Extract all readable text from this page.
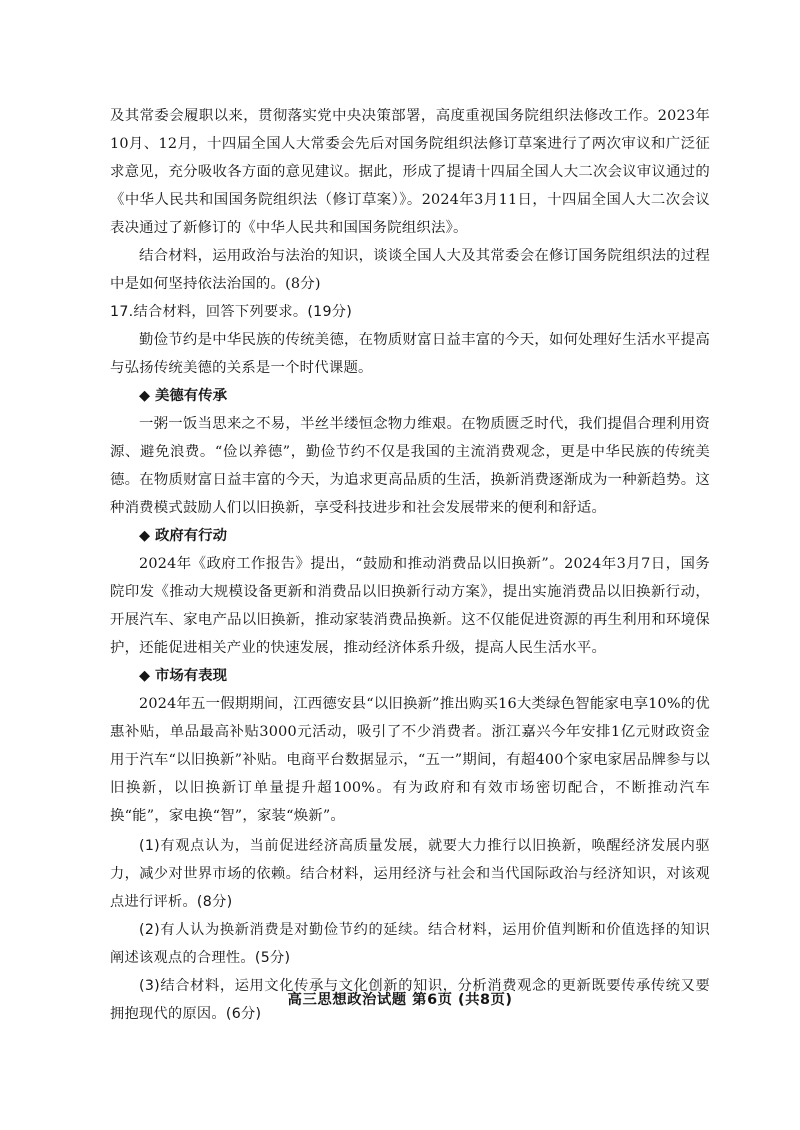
及其常委会履职以来，贯彻落实党中央决策部署，高度重视国务院组织法修改工作。2023年10月、12月，十四届全国人大常委会先后对国务院组织法修订草案进行了两次审议和广泛征求意见，充分吸收各方面的意见建议。据此，形成了提请十四届全国人大二次会议审议通过的《中华人民共和国国务院组织法（修订草案）》。2024年3月11日，十四届全国人大二次会议表决通过了新修订的《中华人民共和国国务院组织法》。

结合材料，运用政治与法治的知识，谈谈全国人大及其常委会在修订国务院组织法的过程中是如何坚持依法治国的。(8分)

17.结合材料，回答下列要求。(19分)

勤俭节约是中华民族的传统美德，在物质财富日益丰富的今天，如何处理好生活水平提高与弘扬传统美德的关系是一个时代课题。

◆ 美德有传承

一粥一饭当思来之不易，半丝半缕恒念物力维艰。在物质匮乏时代，我们提倡合理利用资源、避免浪费。“俭以养德”，勤俭节约不仅是我国的主流消费观念，更是中华民族的传统美德。在物质财富日益丰富的今天，为追求更高品质的生活，换新消费逐渐成为一种新趋势。这种消费模式鼓励人们以旧换新，享受科技进步和社会发展带来的便利和舒适。

◆ 政府有行动

2024年《政府工作报告》提出，“鼓励和推动消费品以旧换新”。2024年3月7日，国务院印发《推动大规模设备更新和消费品以旧换新行动方案》，提出实施消费品以旧换新行动，开展汽车、家电产品以旧换新，推动家装消费品换新。这不仅能促进资源的再生利用和环境保护，还能促进相关产业的快速发展，推动经济体系升级，提高人民生活水平。

◆ 市场有表现

2024年五一假期期间，江西德安县“以旧换新”推出购买16大类绿色智能家电享10%的优惠补贴，单品最高补贴3000元活动，吸引了不少消费者。浙江嘉兴今年安排1亿元财政资金用于汽车“以旧换新”补贴。电商平台数据显示，“五一”期间，有超400个家电家居品牌参与以旧换新，以旧换新订单量提升超100%。有为政府和有效市场密切配合，不断推动汽车换“能”，家电换“智”，家装“焕新”。

(1)有观点认为，当前促进经济高质量发展，就要大力推行以旧换新，唤醒经济发展内驱力，减少对世界市场的依赖。结合材料，运用经济与社会和当代国际政治与经济知识，对该观点进行评析。(8分)

(2)有人认为换新消费是对勤俭节约的延续。结合材料，运用价值判断和价值选择的知识阐述该观点的合理性。(5分)

(3)结合材料，运用文化传承与文化创新的知识，分析消费观念的更新既要传承传统又要拥抱现代的原因。(6分)

高三思想政治试题 第6页 (共8页)
